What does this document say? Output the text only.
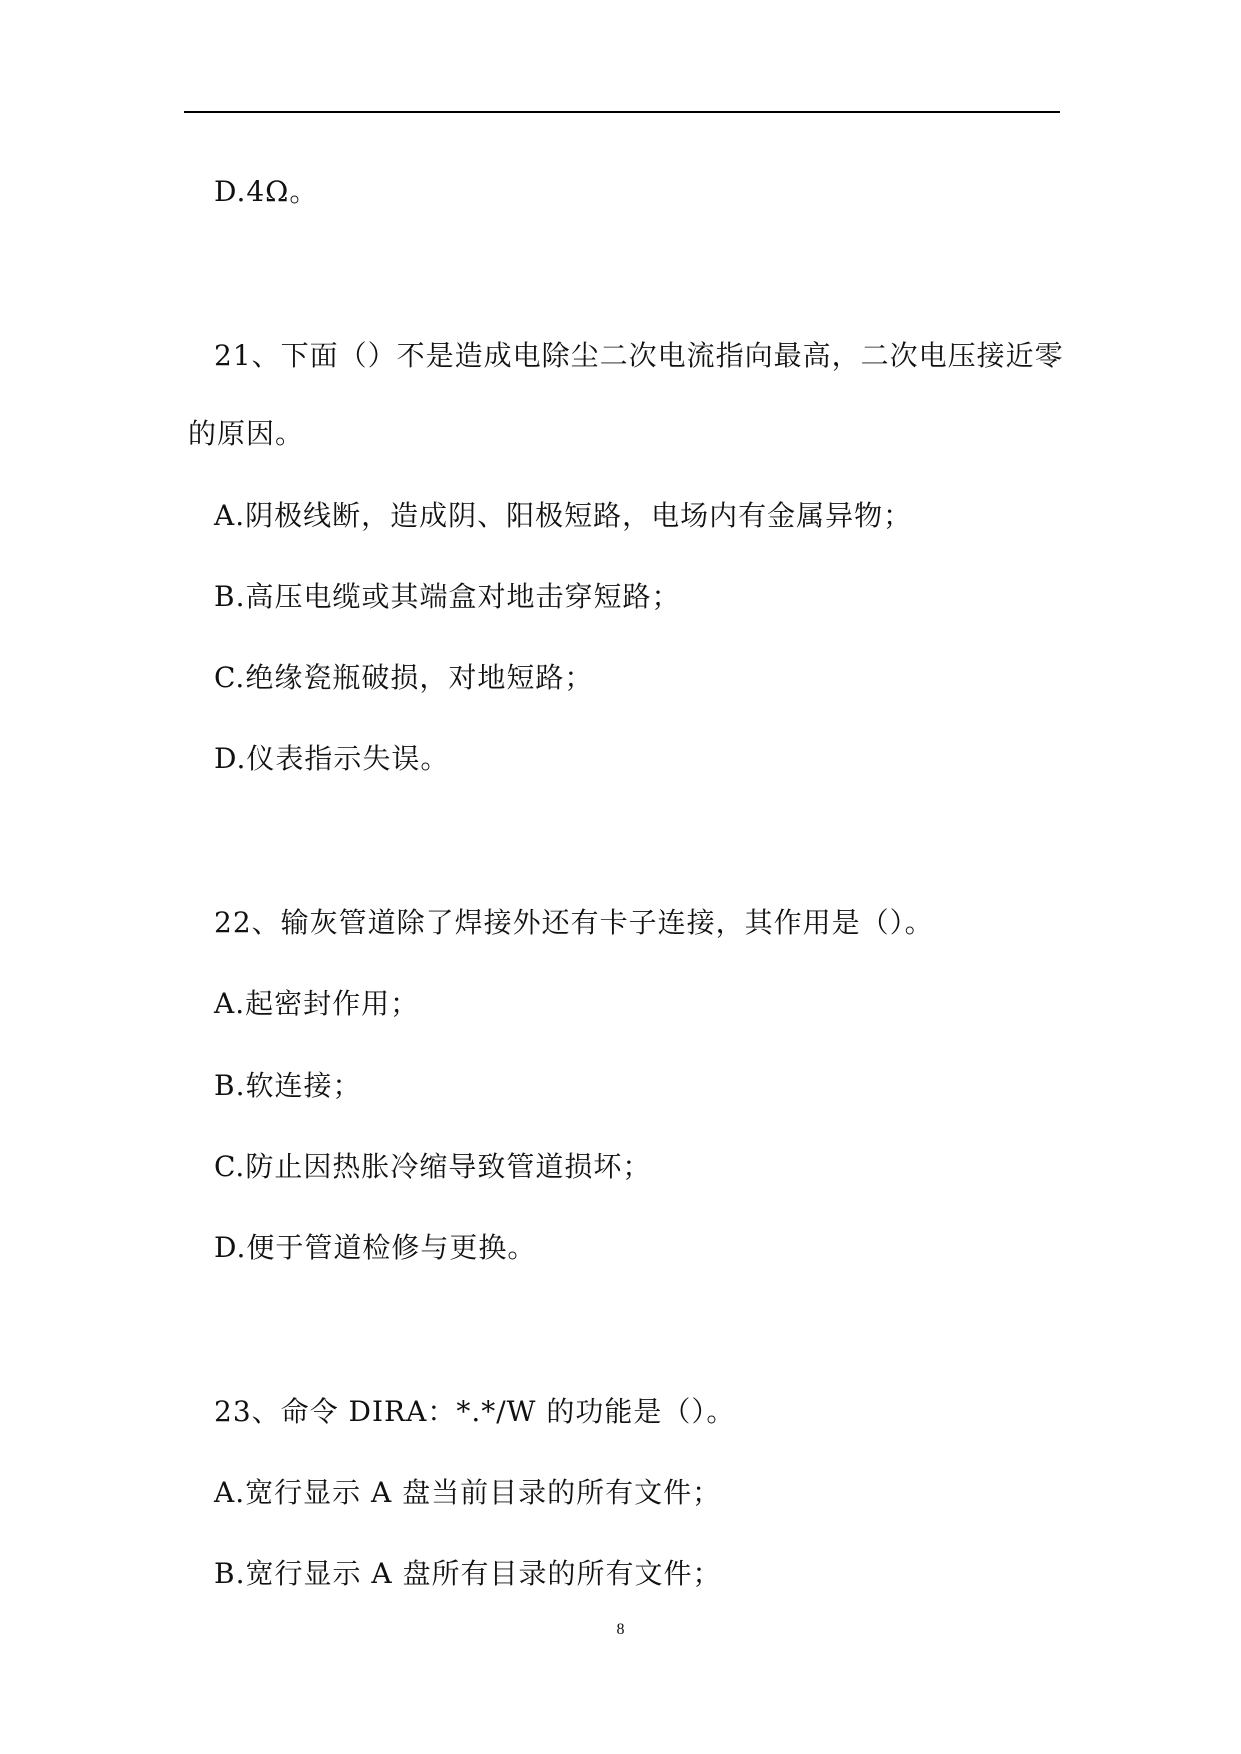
D.4Ω。
21、下面（）不是造成电除尘二次电流指向最高，二次电压接近零
的原因。
A.阴极线断，造成阴、阳极短路，电场内有金属异物；
B.高压电缆或其端盒对地击穿短路；
C.绝缘瓷瓶破损，对地短路；
D.仪表指示失误。
22、输灰管道除了焊接外还有卡子连接，其作用是（）。
A.起密封作用；
B.软连接；
C.防止因热胀冷缩导致管道损坏；
D.便于管道检修与更换。
23、命令 DIRA：*.*/W 的功能是（）。
A.宽行显示 A 盘当前目录的所有文件；
B.宽行显示 A 盘所有目录的所有文件；
8
